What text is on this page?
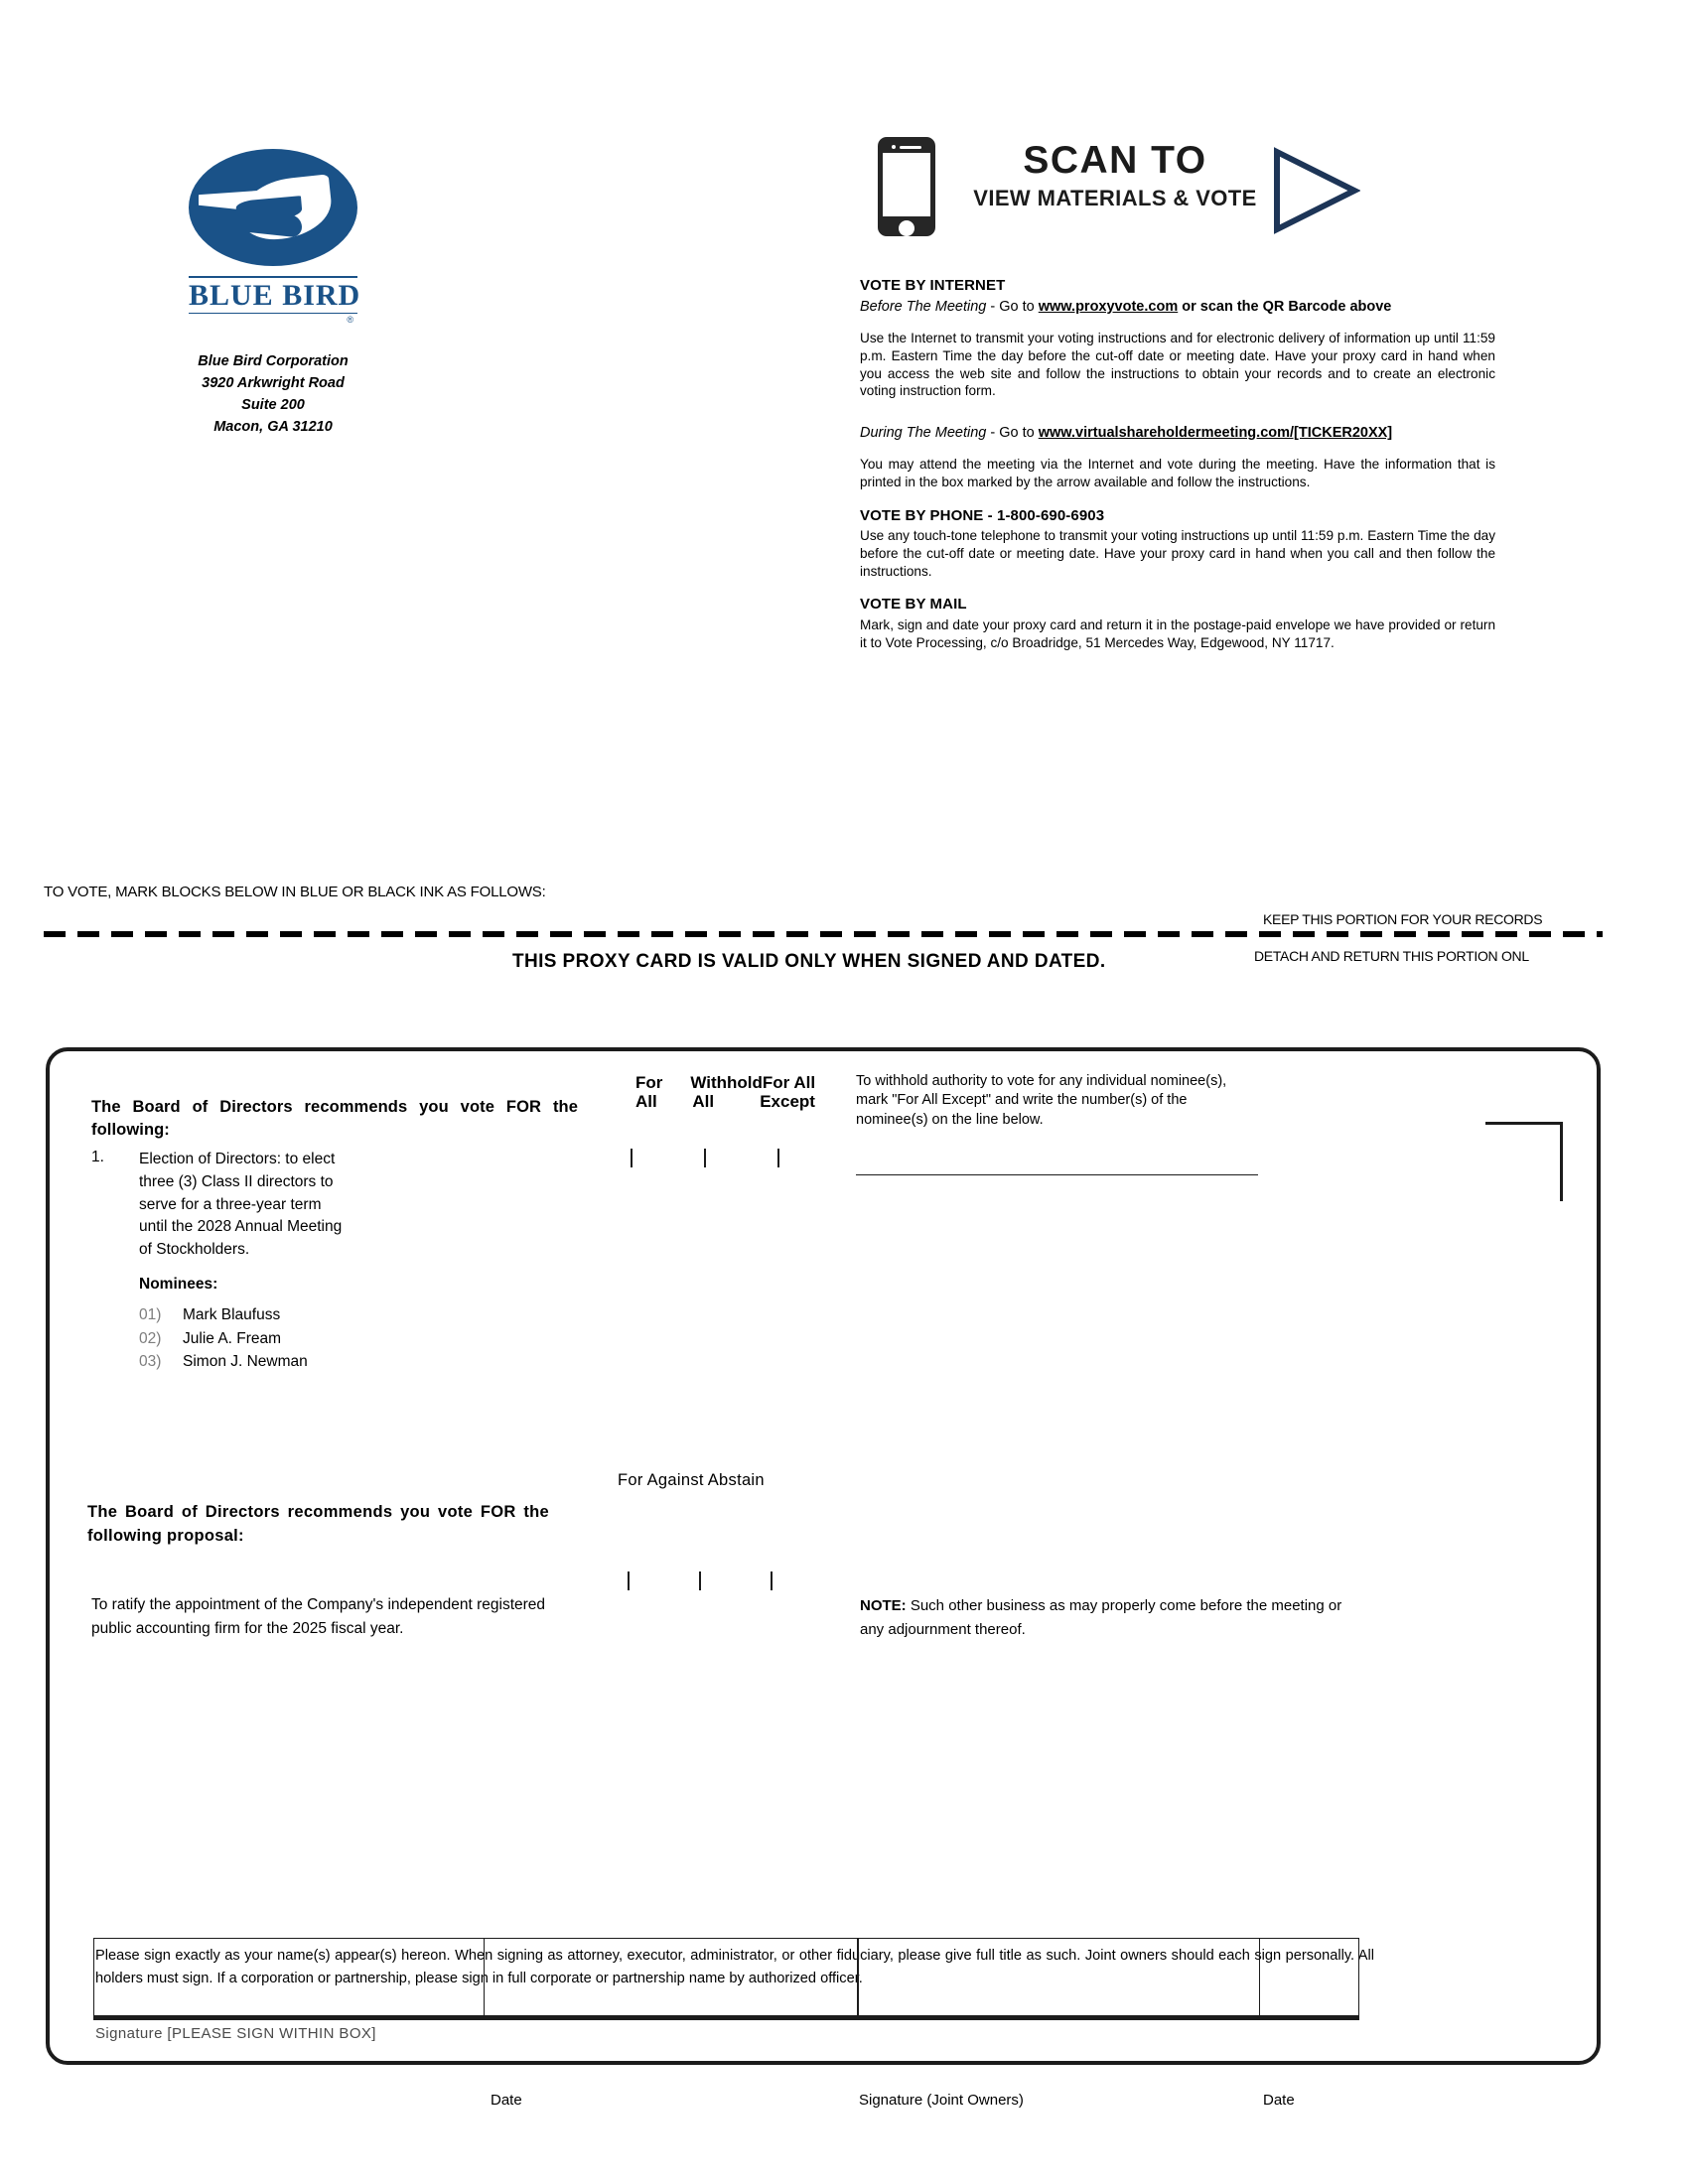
BLUE BIRD
®
Blue Bird Corporation
3920 Arkwright Road
Suite 200
Macon, GA 31210
SCAN TO
VIEW MATERIALS & VOTE
VOTE BY INTERNET
Before The Meeting - Go to www.proxyvote.com or scan the QR Barcode above
Use the Internet to transmit your voting instructions and for electronic delivery of information up until 11:59 p.m. Eastern Time the day before the cut-off date or meeting date. Have your proxy card in hand when you access the web site and follow the instructions to obtain your records and to create an electronic voting instruction form.
During The Meeting - Go to www.virtualshareholdermeeting.com/[TICKER20XX]
You may attend the meeting via the Internet and vote during the meeting. Have the information that is printed in the box marked by the arrow available and follow the instructions.
VOTE BY PHONE - 1-800-690-6903
Use any touch-tone telephone to transmit your voting instructions up until 11:59 p.m. Eastern Time the day before the cut-off date or meeting date. Have your proxy card in hand when you call and then follow the instructions.
VOTE BY MAIL
Mark, sign and date your proxy card and return it in the postage-paid envelope we have provided or return it to Vote Processing, c/o Broadridge, 51 Mercedes Way, Edgewood, NY 11717.
TO VOTE, MARK BLOCKS BELOW IN BLUE OR BLACK INK AS FOLLOWS:
KEEP THIS PORTION FOR YOUR RECORDS
DETACH AND RETURN THIS PORTION ONL
THIS PROXY CARD IS VALID ONLY WHEN SIGNED AND DATED.
For	Withhold For All
All	All	Except
The Board of Directors recommends you vote FOR the following:
1. Election of Directors: to elect three (3) Class II directors to serve for a three-year term until the 2028 Annual Meeting of Stockholders.
Nominees:
01)	Mark Blaufuss
02)	Julie A. Fream
03)	Simon J. Newman
To withhold authority to vote for any individual nominee(s), mark "For All Except" and write the number(s) of the nominee(s) on the line below.
For Against Abstain
The Board of Directors recommends you vote FOR the following proposal:
To ratify the appointment of the Company's independent registered public accounting firm for the 2025 fiscal year.
NOTE: Such other business as may properly come before the meeting or any adjournment thereof.
Please sign exactly as your name(s) appear(s) hereon. When signing as attorney, executor, administrator, or other fiduciary, please give full title as such. Joint owners should each sign personally. All holders must sign. If a corporation or partnership, please sign in full corporate or partnership name by authorized officer.
Signature [PLEASE SIGN WITHIN BOX]
Date	Signature (Joint Owners)	Date
